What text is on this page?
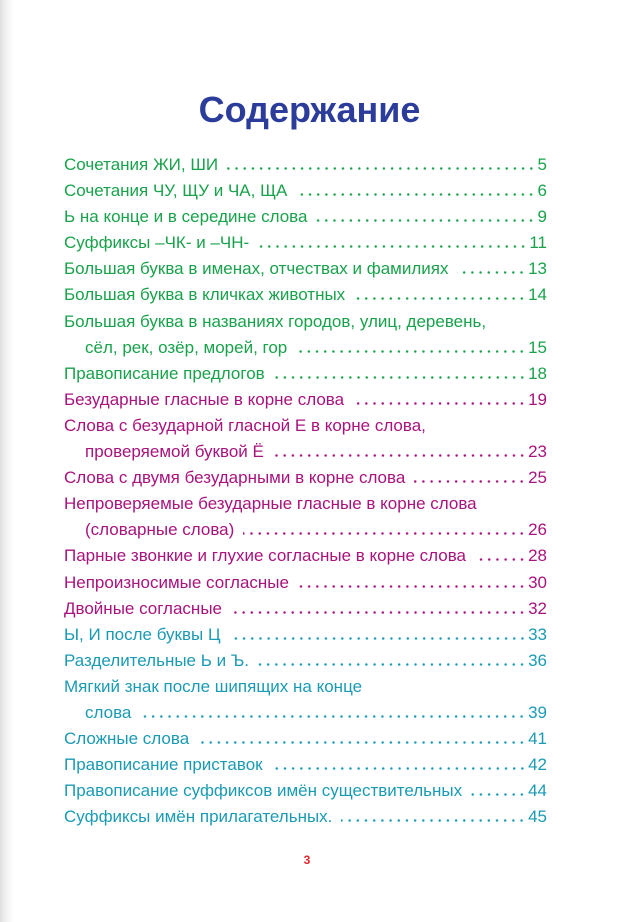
Содержание
Сочетания ЖИ, ШИ	5
Сочетания ЧУ, ЩУ и ЧА, ЩА	6
Ь на конце и в середине слова	9
Суффиксы –ЧК- и –ЧН-	11
Большая буква в именах, отчествах и фамилиях	13
Большая буква в кличках животных	14
Большая буква в названиях городов, улиц, деревень,
сёл, рек, озёр, морей, гор	15
Правописание предлогов	18
Безударные гласные в корне слова	19
Слова с безударной гласной Е в корне слова,
проверяемой буквой Ё	23
Слова с двумя безударными в корне слова	25
Непроверяемые безударные гласные в корне слова
(словарные слова)	26
Парные звонкие и глухие согласные в корне слова	28
Непроизносимые согласные	30
Двойные согласные	32
Ы, И после буквы Ц	33
Разделительные Ь и Ъ.	36
Мягкий знак после шипящих на конце
слова	39
Сложные слова	41
Правописание приставок	42
Правописание суффиксов имён существительных	44
Суффиксы имён прилагательных.	45
3
